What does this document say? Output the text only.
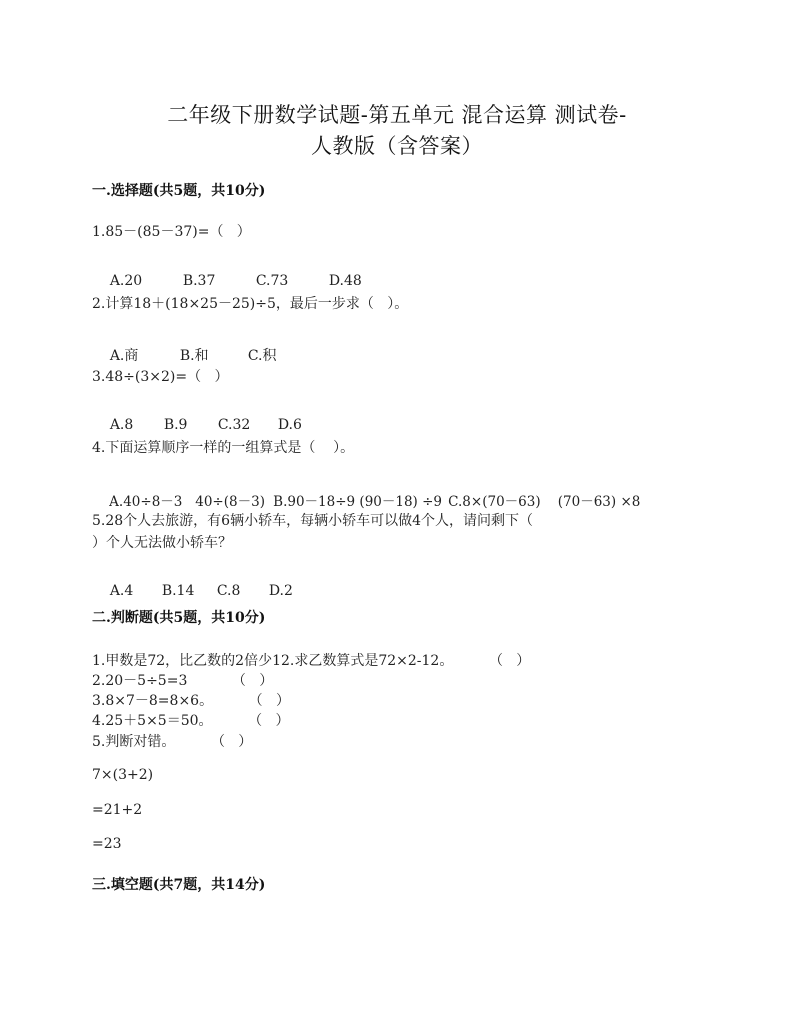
二年级下册数学试题-第五单元 混合运算 测试卷-
人教版（含答案）
一.选择题(共5题，共10分)
1.85－(85－37)=（   ）

A.20	B.37	C.73	D.48

2.计算18＋(18×25－25)÷5，最后一步求（   ）。

A.商	B.和	C.积

3.48÷(3×2)=（   ）

A.8 B.9 C.32 D.6

4.下面运算顺序一样的一组算式是（    ）。

A.40÷8－3   40÷(8－3) B.90－18÷9 (90－18) ÷9 C.8×(70－63)    (70－63) ×8

5.28个人去旅游，有6辆小轿车，每辆小轿车可以做4个人，请问剩下（
）个人无法做小轿车？

A.4 B.14 C.8 D.2

二.判断题(共5题，共10分)
1.甲数是72，比乙数的2倍少12.求乙数算式是72×2-12。        （   ）
2.20－5÷5=3          （   ）
3.8×7－8=8×6。        （   ）
4.25＋5×5＝50。        （   ）
5.判断对错。        （   ）
7×(3+2)
=21+2
=23
三.填空题(共7题，共14分)
